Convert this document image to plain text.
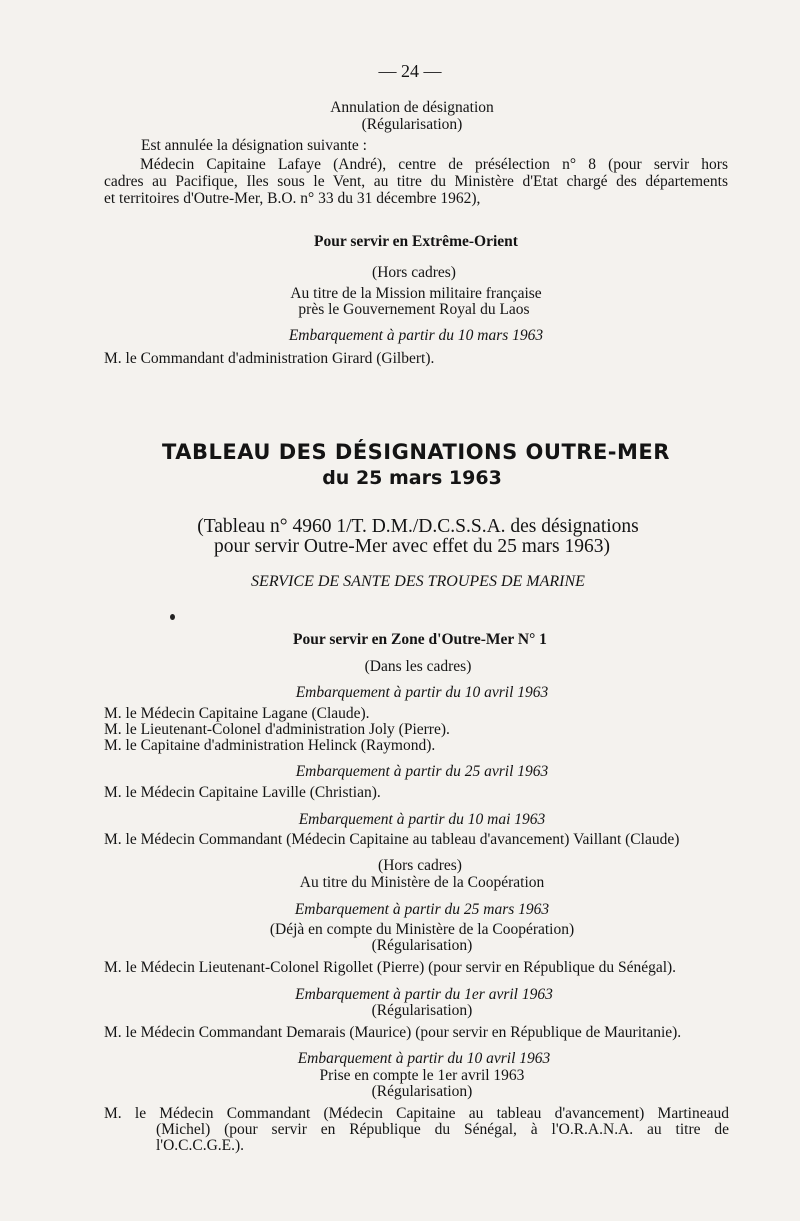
— 24 —
Annulation de désignation
(Régularisation)
Est annulée la désignation suivante :
Médecin Capitaine Lafaye (André), centre de présélection n° 8 (pour servir hors
cadres au Pacifique, Iles sous le Vent, au titre du Ministère d'Etat chargé des départements
et territoires d'Outre-Mer, B.O. n° 33 du 31 décembre 1962),
Pour servir en Extrême-Orient
(Hors cadres)
Au titre de la Mission militaire française
près le Gouvernement Royal du Laos
Embarquement à partir du 10 mars 1963
M. le Commandant d'administration Girard (Gilbert).
TABLEAU DES DÉSIGNATIONS OUTRE-MER
du 25 mars 1963
(Tableau n° 4960 1/T. D.M./D.C.S.S.A. des désignations
pour servir Outre-Mer avec effet du 25 mars 1963)
SERVICE DE SANTE DES TROUPES DE MARINE
Pour servir en Zone d'Outre-Mer N° 1
(Dans les cadres)
Embarquement à partir du 10 avril 1963
M. le Médecin Capitaine Lagane (Claude).
M. le Lieutenant-Colonel d'administration Joly (Pierre).
M. le Capitaine d'administration Helinck (Raymond).
Embarquement à partir du 25 avril 1963
M. le Médecin Capitaine Laville (Christian).
Embarquement à partir du 10 mai 1963
M. le Médecin Commandant (Médecin Capitaine au tableau d'avancement) Vaillant (Claude)
(Hors cadres)
Au titre du Ministère de la Coopération
Embarquement à partir du 25 mars 1963
(Déjà en compte du Ministère de la Coopération)
(Régularisation)
M. le Médecin Lieutenant-Colonel Rigollet (Pierre) (pour servir en République du Sénégal).
Embarquement à partir du 1er avril 1963
(Régularisation)
M. le Médecin Commandant Demarais (Maurice) (pour servir en République de Mauritanie).
Embarquement à partir du 10 avril 1963
Prise en compte le 1er avril 1963
(Régularisation)
M. le Médecin Commandant (Médecin Capitaine au tableau d'avancement) Martineaud
(Michel) (pour servir en République du Sénégal, à l'O.R.A.N.A. au titre de
l'O.C.C.G.E.).
